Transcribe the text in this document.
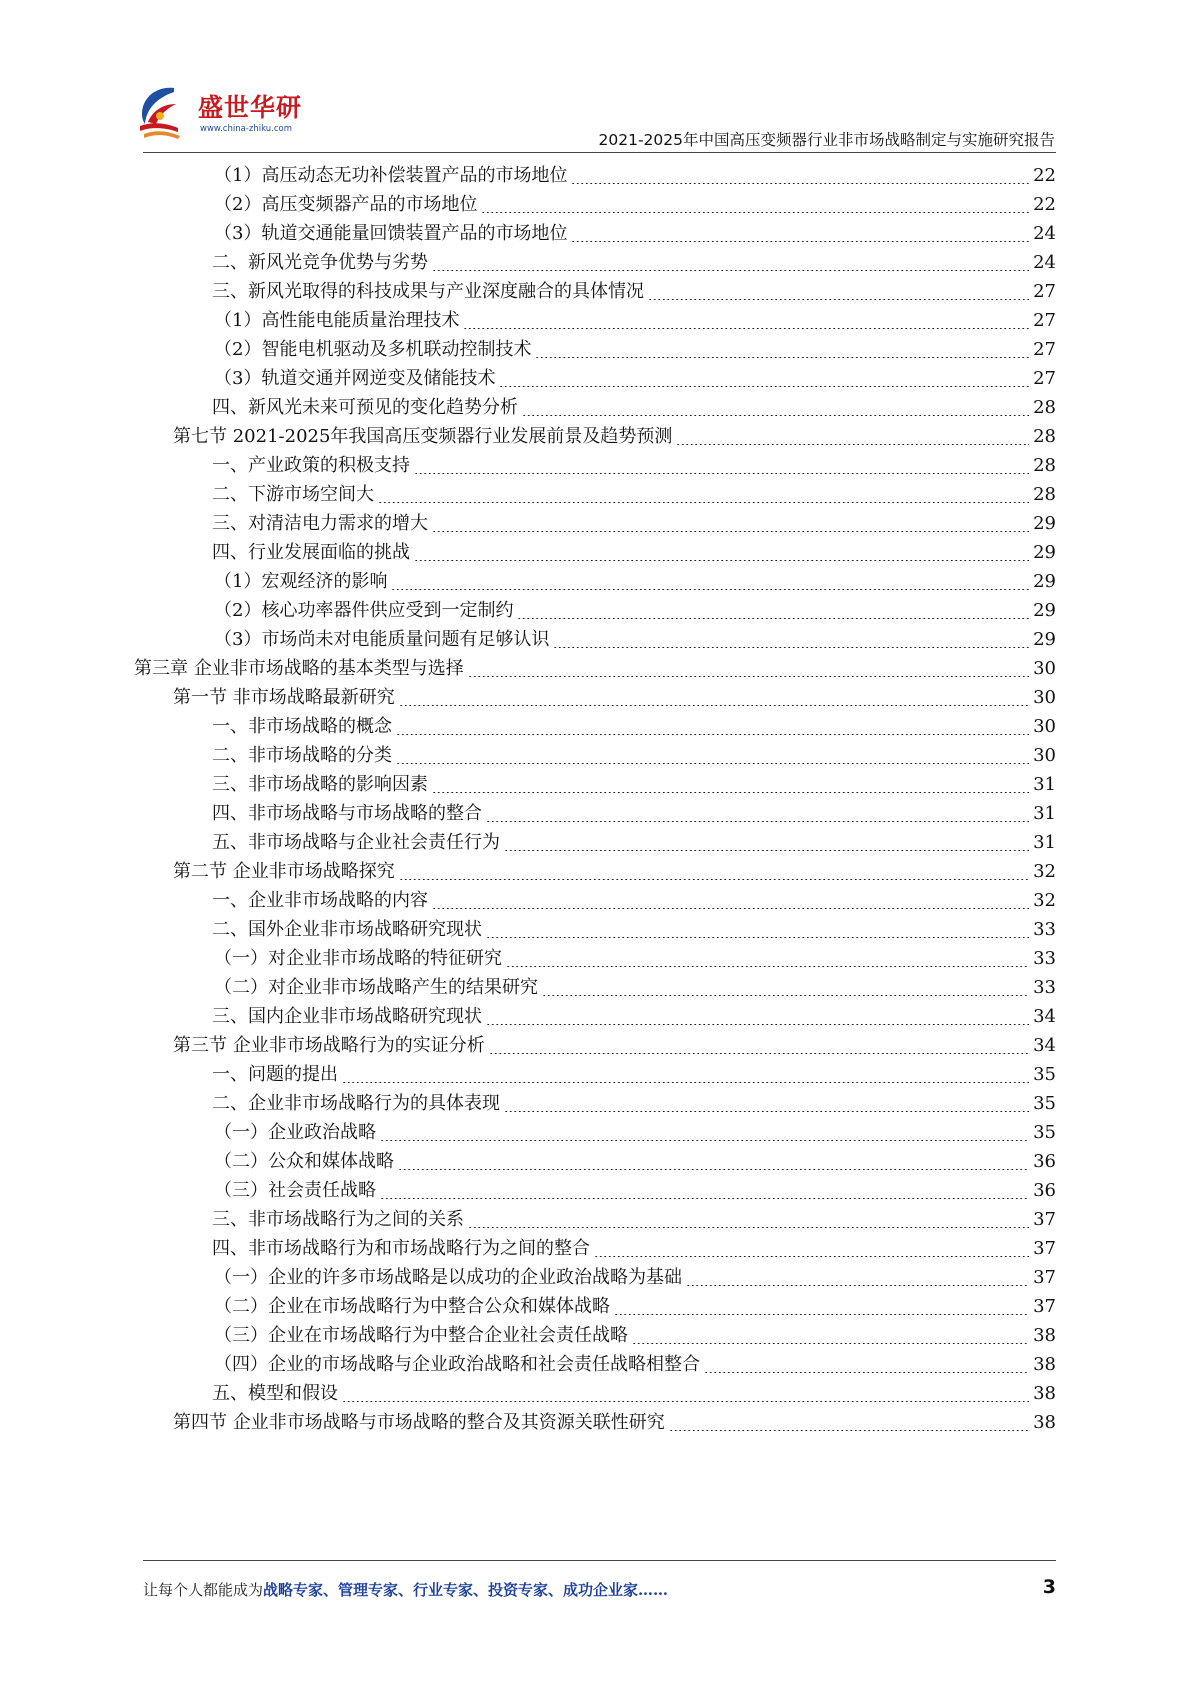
盛世华研
www.china-zhiku.com
2021-2025年中国高压变频器行业非市场战略制定与实施研究报告
（1）高压动态无功补偿装置产品的市场地位	22
（2）高压变频器产品的市场地位	22
（3）轨道交通能量回馈装置产品的市场地位	24
二、新风光竞争优势与劣势	24
三、新风光取得的科技成果与产业深度融合的具体情况	27
（1）高性能电能质量治理技术	27
（2）智能电机驱动及多机联动控制技术	27
（3）轨道交通并网逆变及储能技术	27
四、新风光未来可预见的变化趋势分析	28
第七节 2021-2025年我国高压变频器行业发展前景及趋势预测	28
一、产业政策的积极支持	28
二、下游市场空间大	28
三、对清洁电力需求的增大	29
四、行业发展面临的挑战	29
（1）宏观经济的影响	29
（2）核心功率器件供应受到一定制约	29
（3）市场尚未对电能质量问题有足够认识	29
第三章 企业非市场战略的基本类型与选择	30
第一节 非市场战略最新研究	30
一、非市场战略的概念	30
二、非市场战略的分类	30
三、非市场战略的影响因素	31
四、非市场战略与市场战略的整合	31
五、非市场战略与企业社会责任行为	31
第二节 企业非市场战略探究	32
一、企业非市场战略的内容	32
二、国外企业非市场战略研究现状	33
（一）对企业非市场战略的特征研究	33
（二）对企业非市场战略产生的结果研究	33
三、国内企业非市场战略研究现状	34
第三节 企业非市场战略行为的实证分析	34
一、问题的提出	35
二、企业非市场战略行为的具体表现	35
（一）企业政治战略	35
（二）公众和媒体战略	36
（三）社会责任战略	36
三、非市场战略行为之间的关系	37
四、非市场战略行为和市场战略行为之间的整合	37
（一）企业的许多市场战略是以成功的企业政治战略为基础	37
（二）企业在市场战略行为中整合公众和媒体战略	37
（三）企业在市场战略行为中整合企业社会责任战略	38
（四）企业的市场战略与企业政治战略和社会责任战略相整合	38
五、模型和假设	38
第四节 企业非市场战略与市场战略的整合及其资源关联性研究	38
让每个人都能成为战略专家、管理专家、行业专家、投资专家、成功企业家……	3
